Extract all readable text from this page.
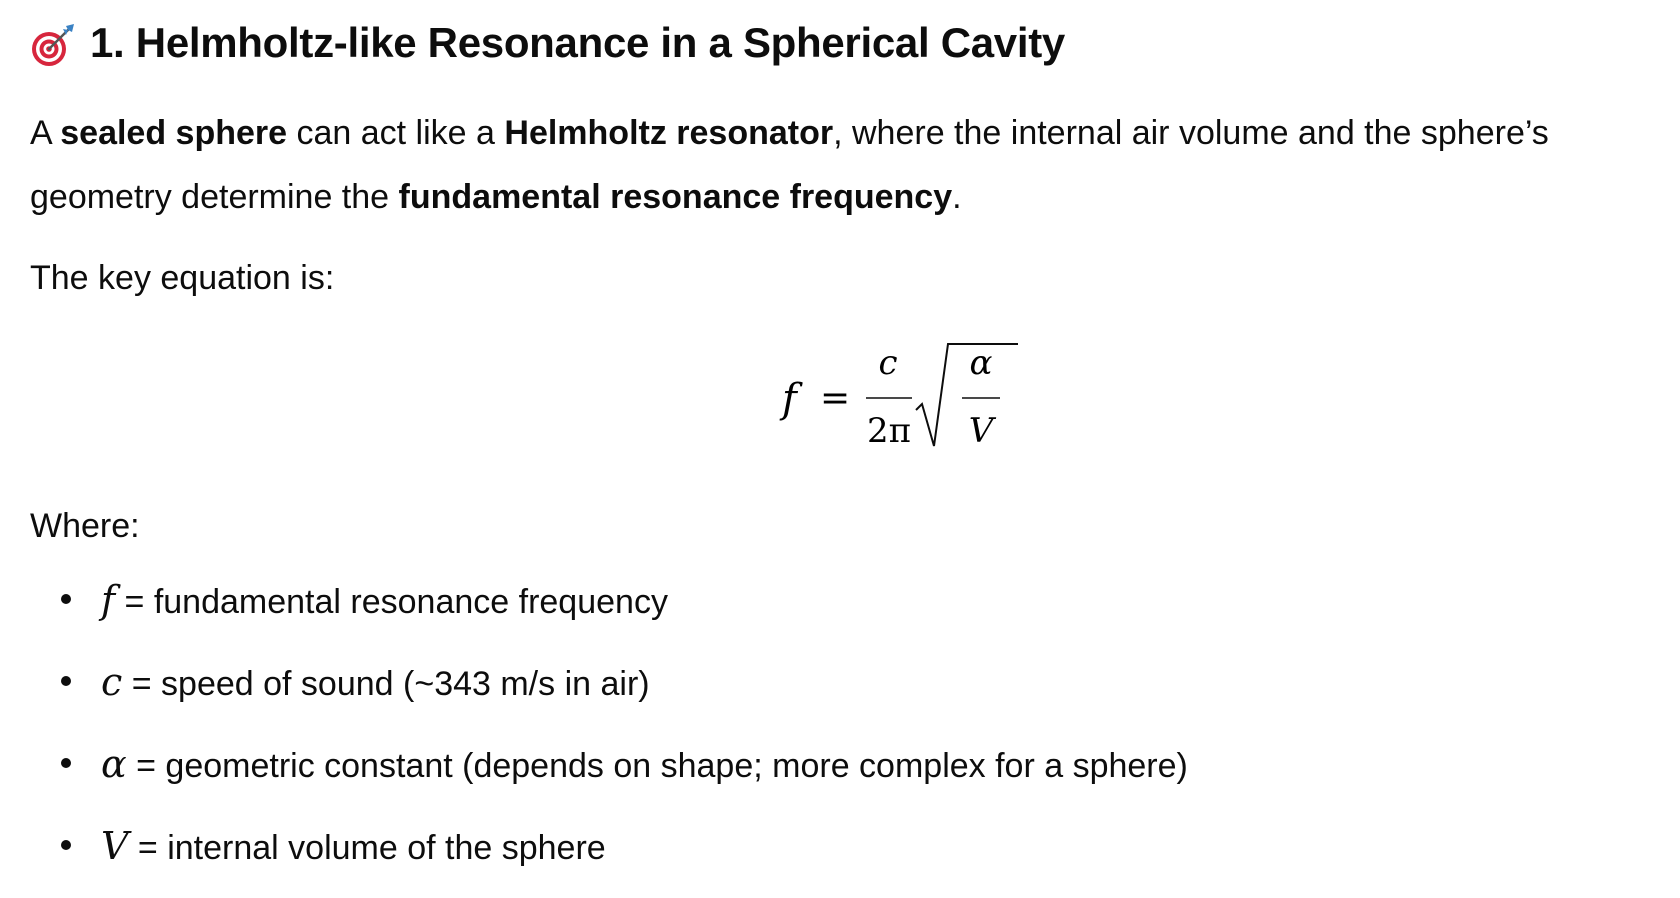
1. Helmholtz-like Resonance in a Spherical Cavity
A sealed sphere can act like a Helmholtz resonator, where the internal air volume and the sphere’s
geometry determine the fundamental resonance frequency.
The key equation is:
f =
c
2π
α
V
Where:
f = fundamental resonance frequency
c = speed of sound (~343 m/s in air)
α = geometric constant (depends on shape; more complex for a sphere)
V = internal volume of the sphere
